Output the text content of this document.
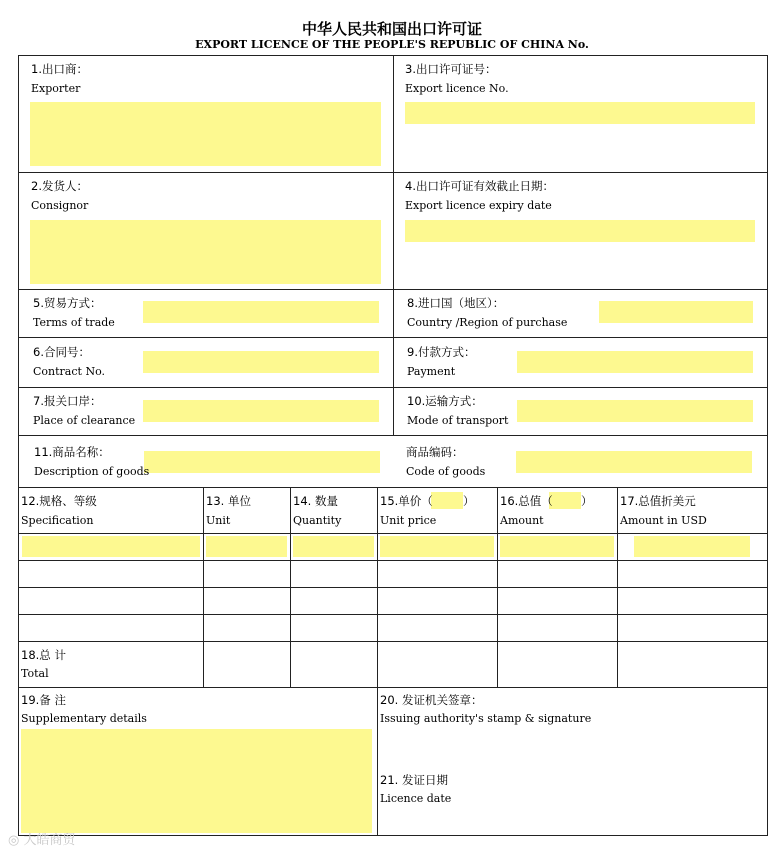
中华人民共和国出口许可证
EXPORT LICENCE OF THE PEOPLE'S REPUBLIC OF CHINA No.
1.出口商：
Exporter
3.出口许可证号：
Export licence No.
2.发货人：
Consignor
4.出口许可证有效截止日期：
Export licence expiry date
5.贸易方式：
Terms of trade
8.进口国（地区）：
Country /Region of purchase
6.合同号：
Contract No.
9.付款方式：
Payment
7.报关口岸：
Place of clearance
10.运输方式：
Mode of transport
11.商品名称：
Description of goods
商品编码：
Code of goods
12.规格、等级
Specification
13. 单位
Unit
14. 数量
Quantity
15.单价（	）
Unit price
16.总值（ ）
Amount
17.总值折美元
Amount in USD
18.总 计
Total
19.备 注
Supplementary details
20. 发证机关签章：
Issuing authority's stamp & signature
21. 发证日期
Licence date
◎ 大皓商贸
